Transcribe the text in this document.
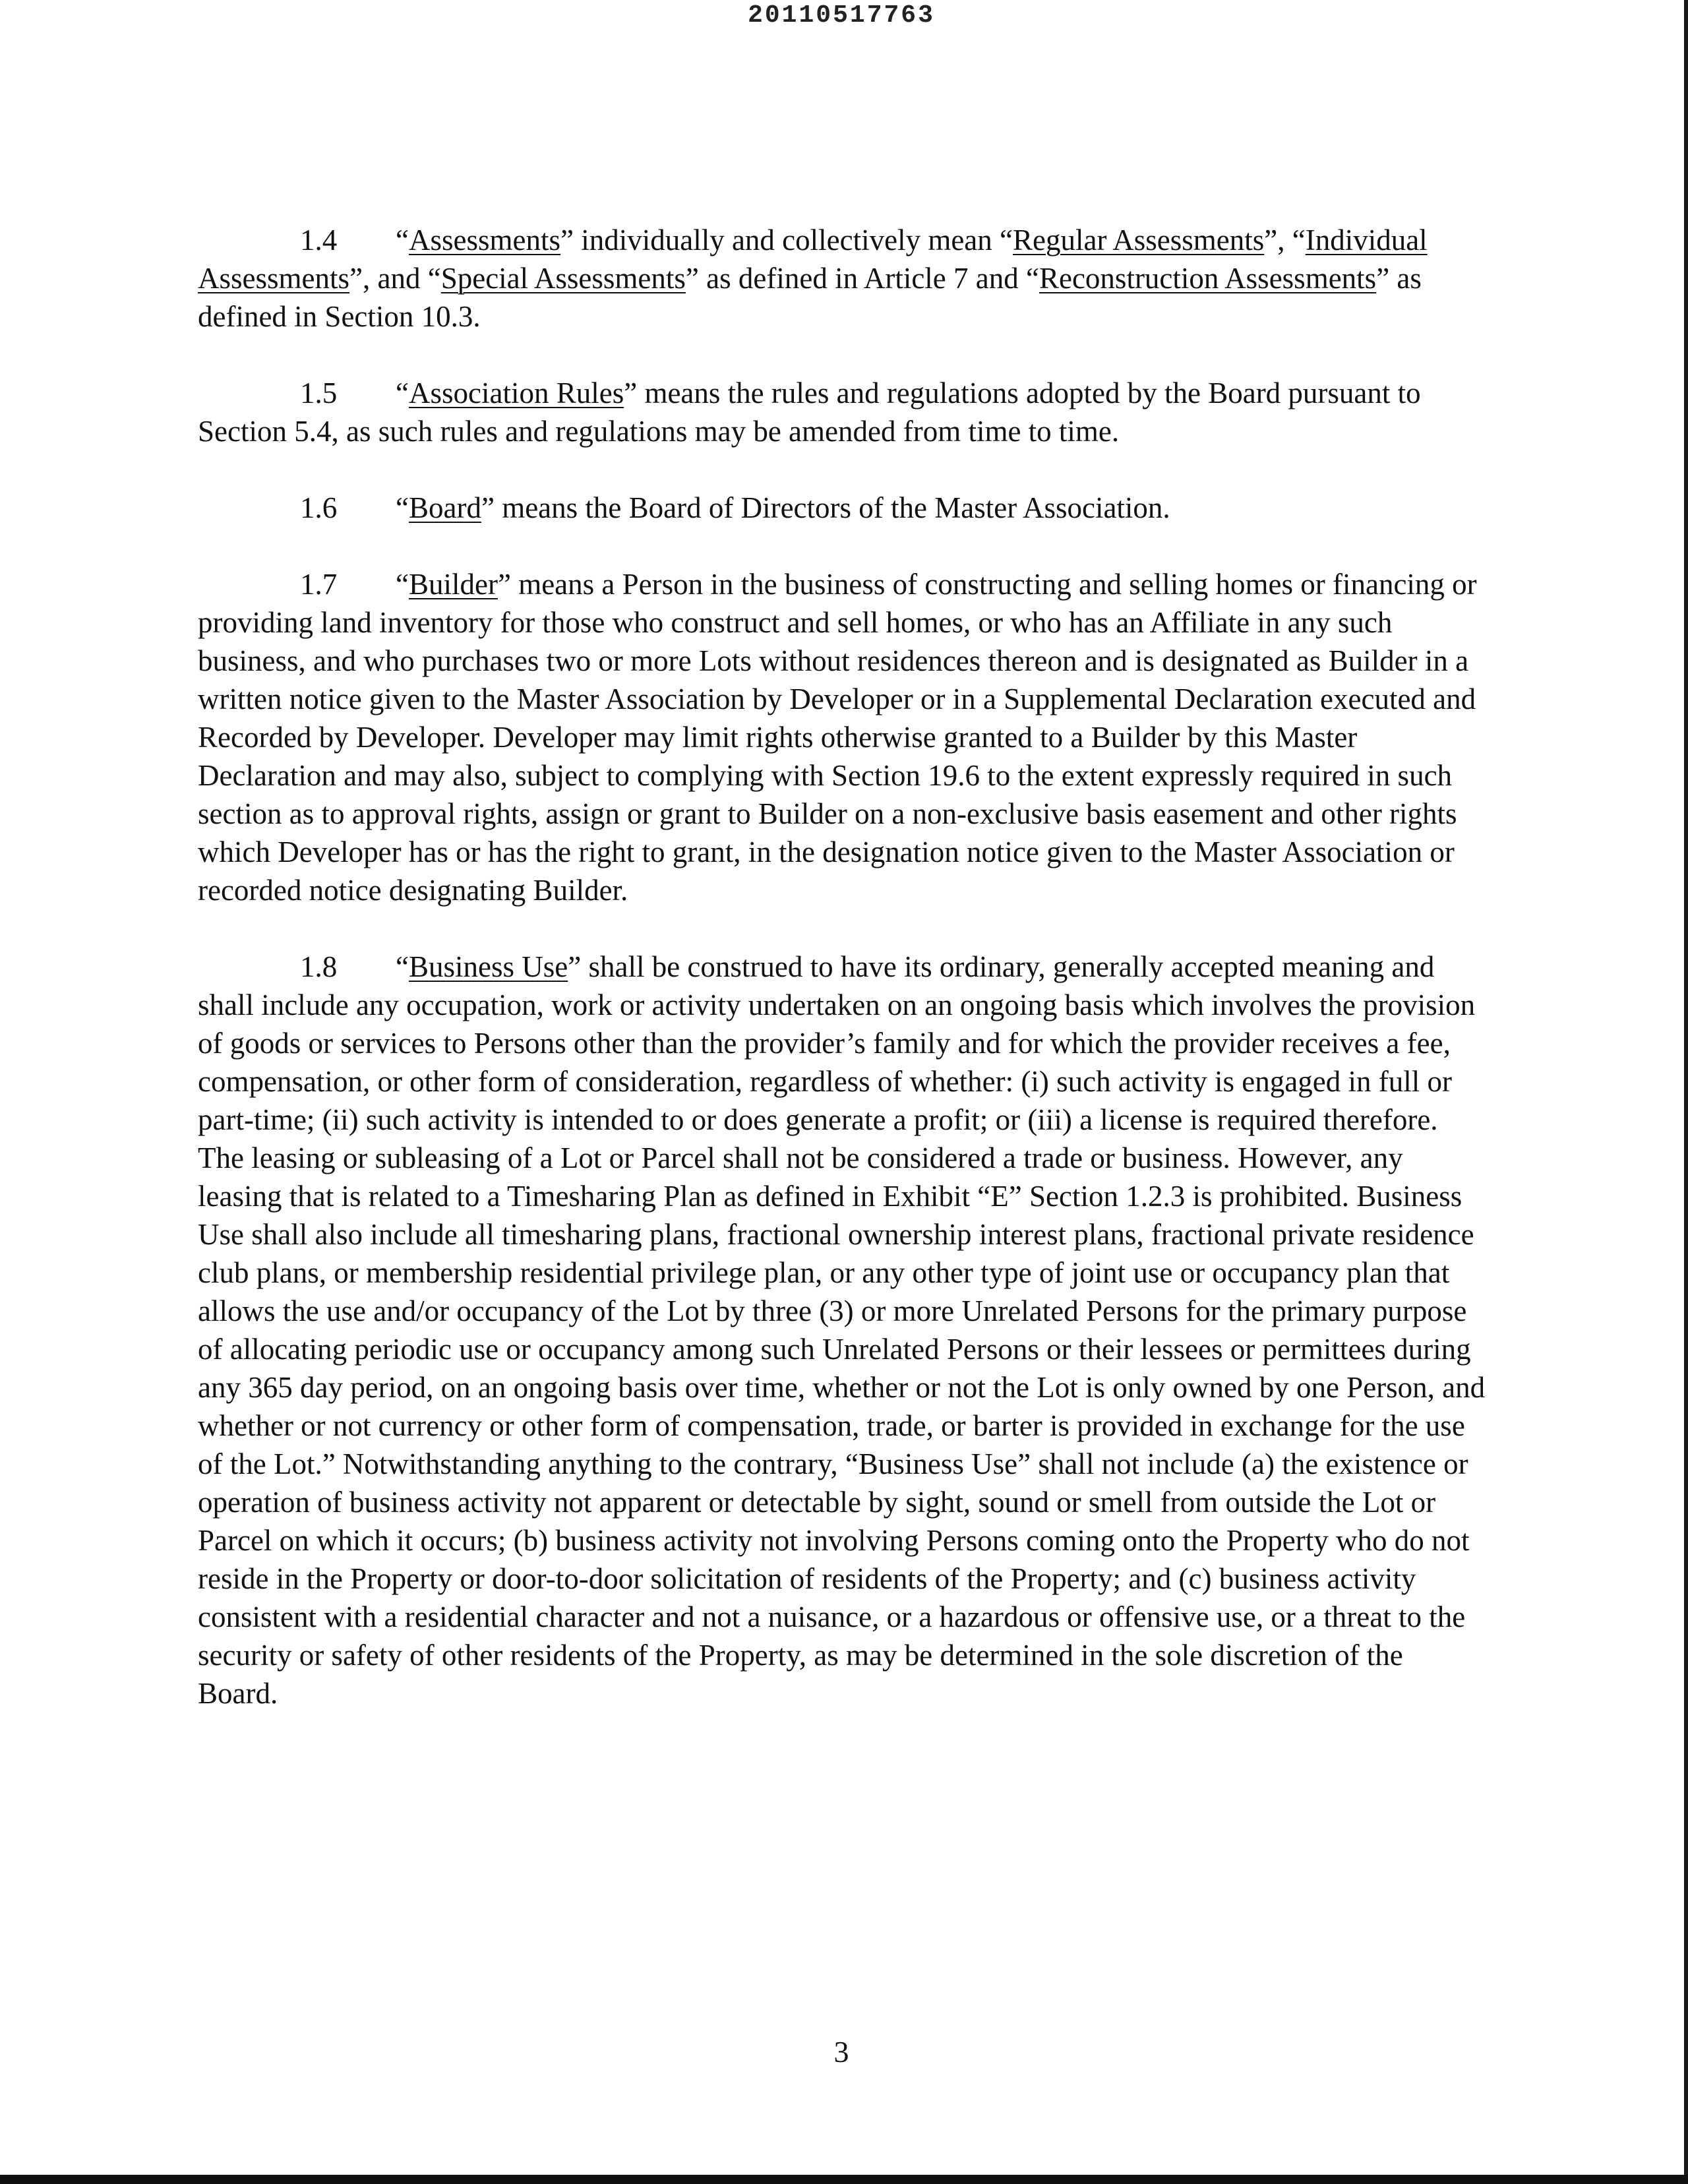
20110517763

1.4 “Assessments” individually and collectively mean “Regular Assessments”, “Individual Assessments”, and “Special Assessments” as defined in Article 7 and “Reconstruction Assessments” as defined in Section 10.3.

1.5 “Association Rules” means the rules and regulations adopted by the Board pursuant to Section 5.4, as such rules and regulations may be amended from time to time.

1.6 “Board” means the Board of Directors of the Master Association.

1.7 “Builder” means a Person in the business of constructing and selling homes or financing or providing land inventory for those who construct and sell homes, or who has an Affiliate in any such business, and who purchases two or more Lots without residences thereon and is designated as Builder in a written notice given to the Master Association by Developer or in a Supplemental Declaration executed and Recorded by Developer. Developer may limit rights otherwise granted to a Builder by this Master Declaration and may also, subject to complying with Section 19.6 to the extent expressly required in such section as to approval rights, assign or grant to Builder on a non-exclusive basis easement and other rights which Developer has or has the right to grant, in the designation notice given to the Master Association or recorded notice designating Builder.

1.8 “Business Use” shall be construed to have its ordinary, generally accepted meaning and shall include any occupation, work or activity undertaken on an ongoing basis which involves the provision of goods or services to Persons other than the provider’s family and for which the provider receives a fee, compensation, or other form of consideration, regardless of whether: (i) such activity is engaged in full or part-time; (ii) such activity is intended to or does generate a profit; or (iii) a license is required therefore. The leasing or subleasing of a Lot or Parcel shall not be considered a trade or business. However, any leasing that is related to a Timesharing Plan as defined in Exhibit “E” Section 1.2.3 is prohibited. Business Use shall also include all timesharing plans, fractional ownership interest plans, fractional private residence club plans, or membership residential privilege plan, or any other type of joint use or occupancy plan that allows the use and/or occupancy of the Lot by three (3) or more Unrelated Persons for the primary purpose of allocating periodic use or occupancy among such Unrelated Persons or their lessees or permittees during any 365 day period, on an ongoing basis over time, whether or not the Lot is only owned by one Person, and whether or not currency or other form of compensation, trade, or barter is provided in exchange for the use of the Lot.” Notwithstanding anything to the contrary, “Business Use” shall not include (a) the existence or operation of business activity not apparent or detectable by sight, sound or smell from outside the Lot or Parcel on which it occurs; (b) business activity not involving Persons coming onto the Property who do not reside in the Property or door-to-door solicitation of residents of the Property; and (c) business activity consistent with a residential character and not a nuisance, or a hazardous or offensive use, or a threat to the security or safety of other residents of the Property, as may be determined in the sole discretion of the Board.

3
